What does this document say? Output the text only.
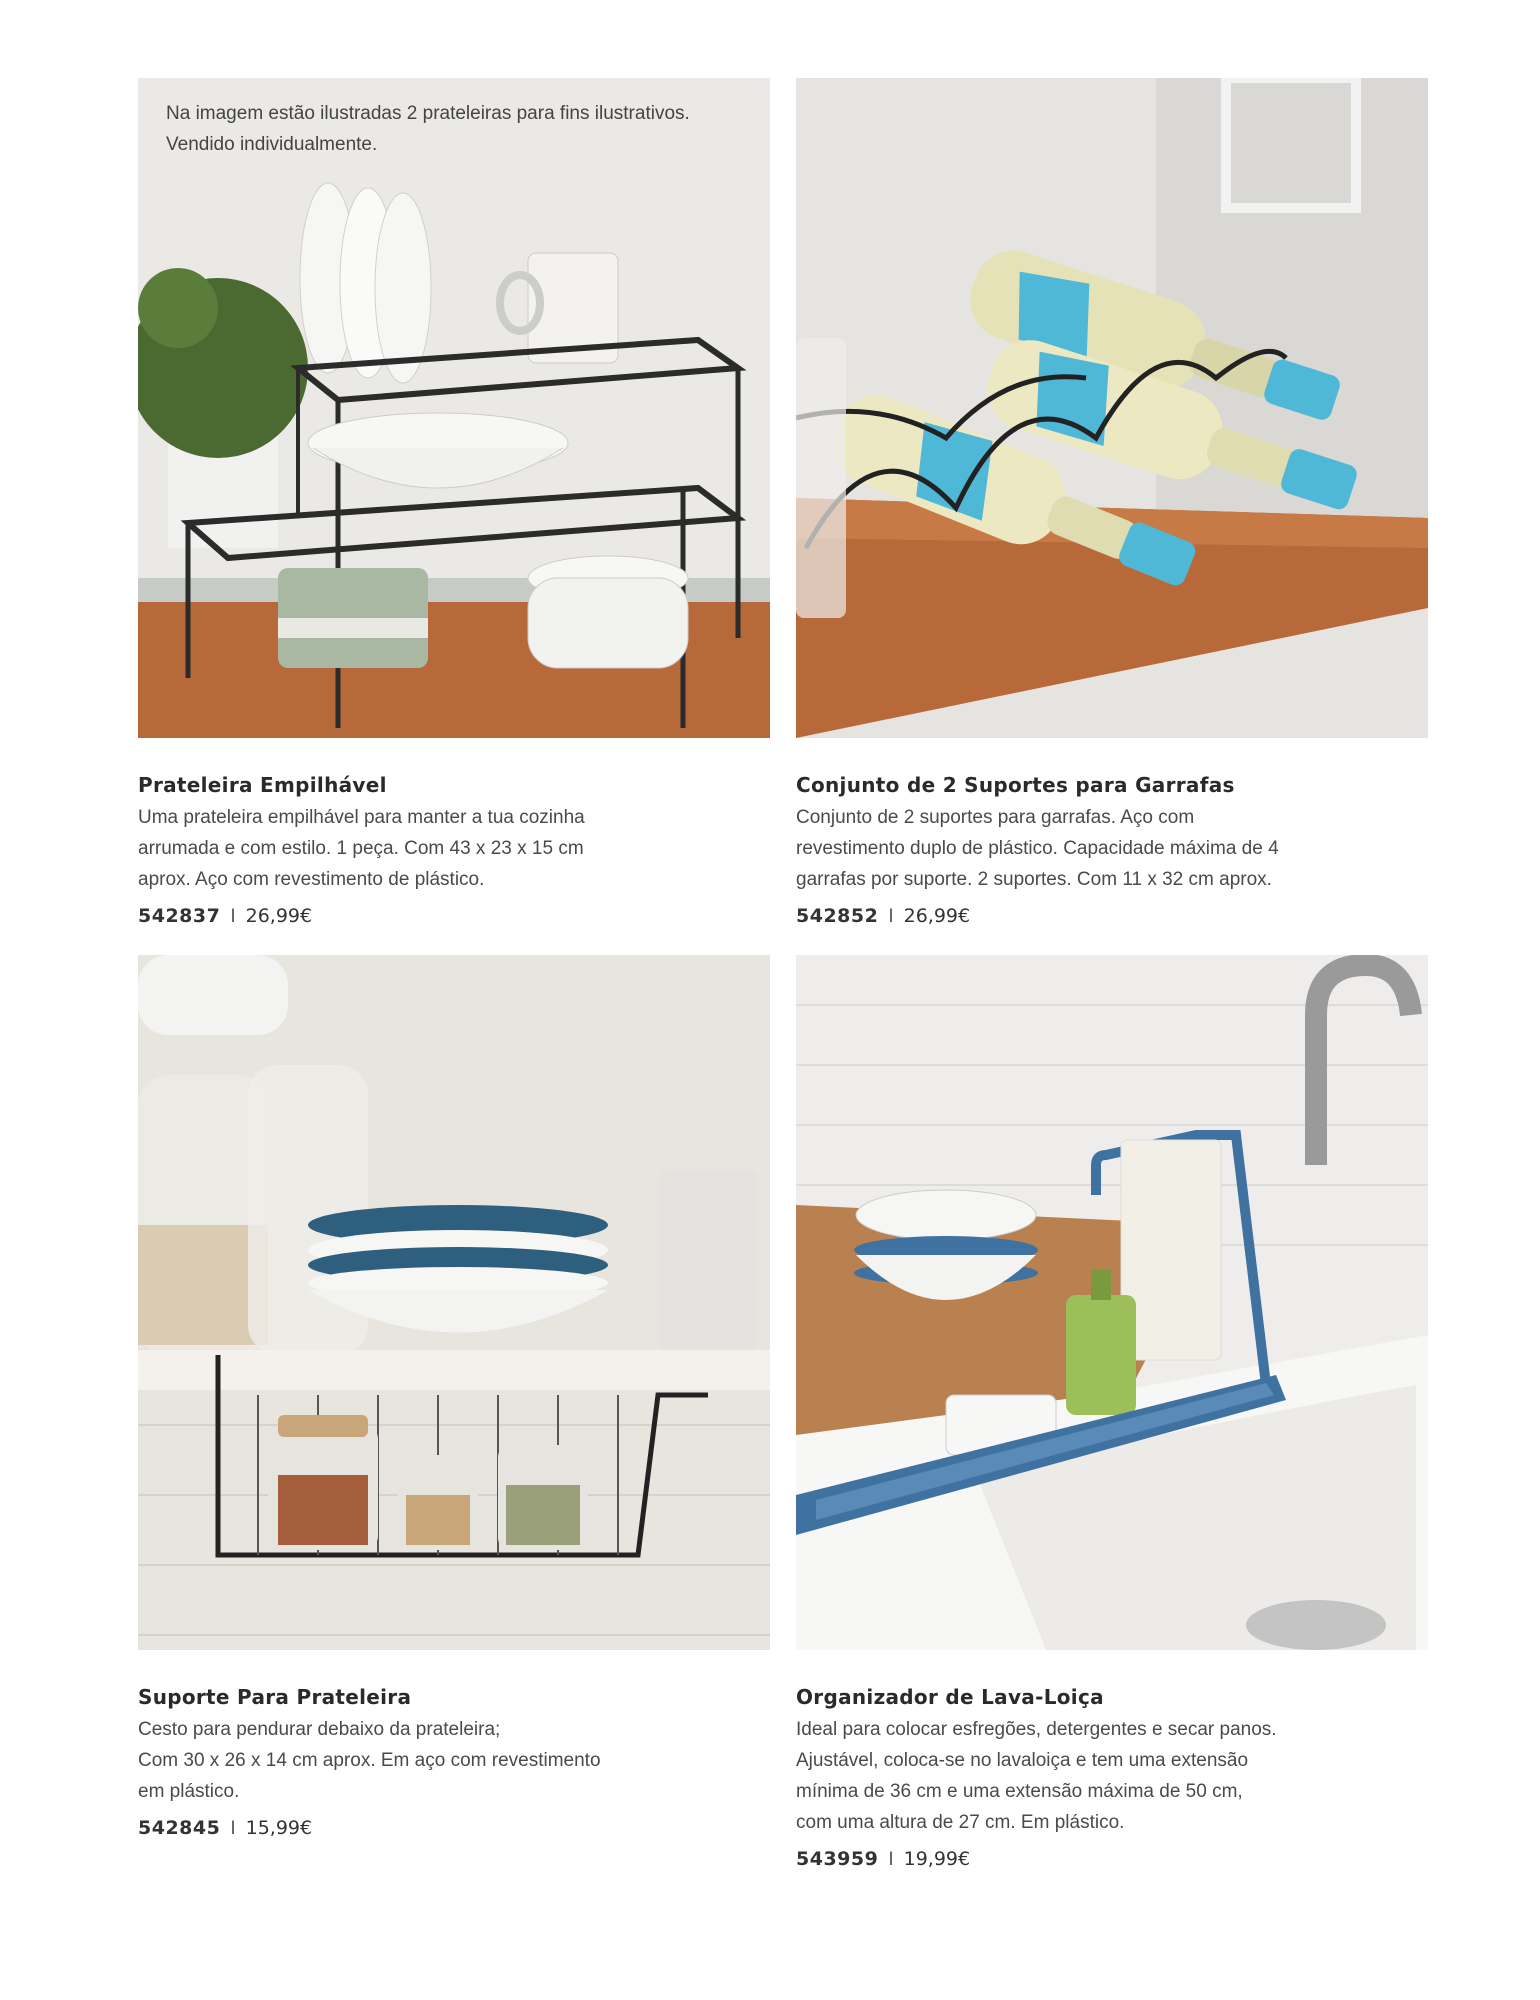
Na imagem estão ilustradas 2 prateleiras para fins ilustrativos. Vendido individualmente.
Prateleira Empilhável
Uma prateleira empilhável para manter a tua cozinha
arrumada e com estilo. 1 peça. Com 43 x 23 x 15 cm
aprox. Aço com revestimento de plástico.
542837 I 26,99€
Conjunto de 2 Suportes para Garrafas
Conjunto de 2 suportes para garrafas. Aço com
revestimento duplo de plástico. Capacidade máxima de 4
garrafas por suporte. 2 suportes. Com 11 x 32 cm aprox.
542852 I 26,99€
Suporte Para Prateleira
Cesto para pendurar debaixo da prateleira;
Com 30 x 26 x 14 cm aprox. Em aço com revestimento
em plástico.
542845 I 15,99€
Organizador de Lava-Loiça
Ideal para colocar esfregões, detergentes e secar panos.
Ajustável, coloca-se no lavaloiça e tem uma extensão
mínima de 36 cm e uma extensão máxima de 50 cm,
com uma altura de 27 cm. Em plástico.
543959 I 19,99€
